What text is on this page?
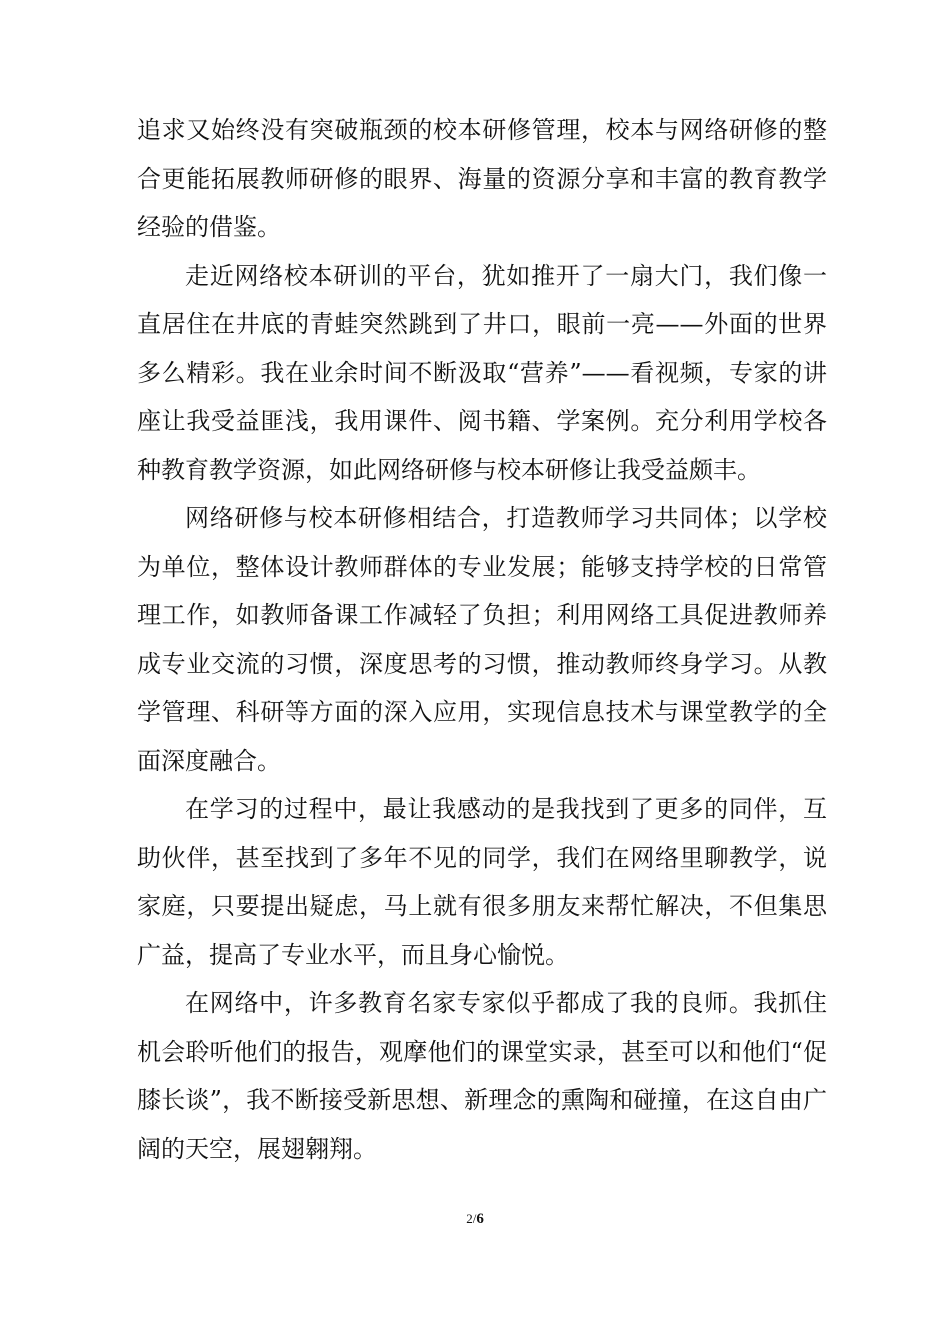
追求又始终没有突破瓶颈的校本研修管理，校本与网络研修的整合更能拓展教师研修的眼界、海量的资源分享和丰富的教育教学经验的借鉴。

走近网络校本研训的平台，犹如推开了一扇大门，我们像一直居住在井底的青蛙突然跳到了井口，眼前一亮——外面的世界多么精彩。我在业余时间不断汲取“营养”——看视频，专家的讲座让我受益匪浅，我用课件、阅书籍、学案例。充分利用学校各种教育教学资源，如此网络研修与校本研修让我受益颇丰。

网络研修与校本研修相结合，打造教师学习共同体；以学校为单位，整体设计教师群体的专业发展；能够支持学校的日常管理工作，如教师备课工作减轻了负担；利用网络工具促进教师养成专业交流的习惯，深度思考的习惯，推动教师终身学习。从教学管理、科研等方面的深入应用，实现信息技术与课堂教学的全面深度融合。

在学习的过程中，最让我感动的是我找到了更多的同伴，互助伙伴，甚至找到了多年不见的同学，我们在网络里聊教学，说家庭，只要提出疑虑，马上就有很多朋友来帮忙解决，不但集思广益，提高了专业水平，而且身心愉悦。

在网络中，许多教育名家专家似乎都成了我的良师。我抓住机会聆听他们的报告，观摩他们的课堂实录，甚至可以和他们“促膝长谈”，我不断接受新思想、新理念的熏陶和碰撞，在这自由广阔的天空，展翅翱翔。

2/6
